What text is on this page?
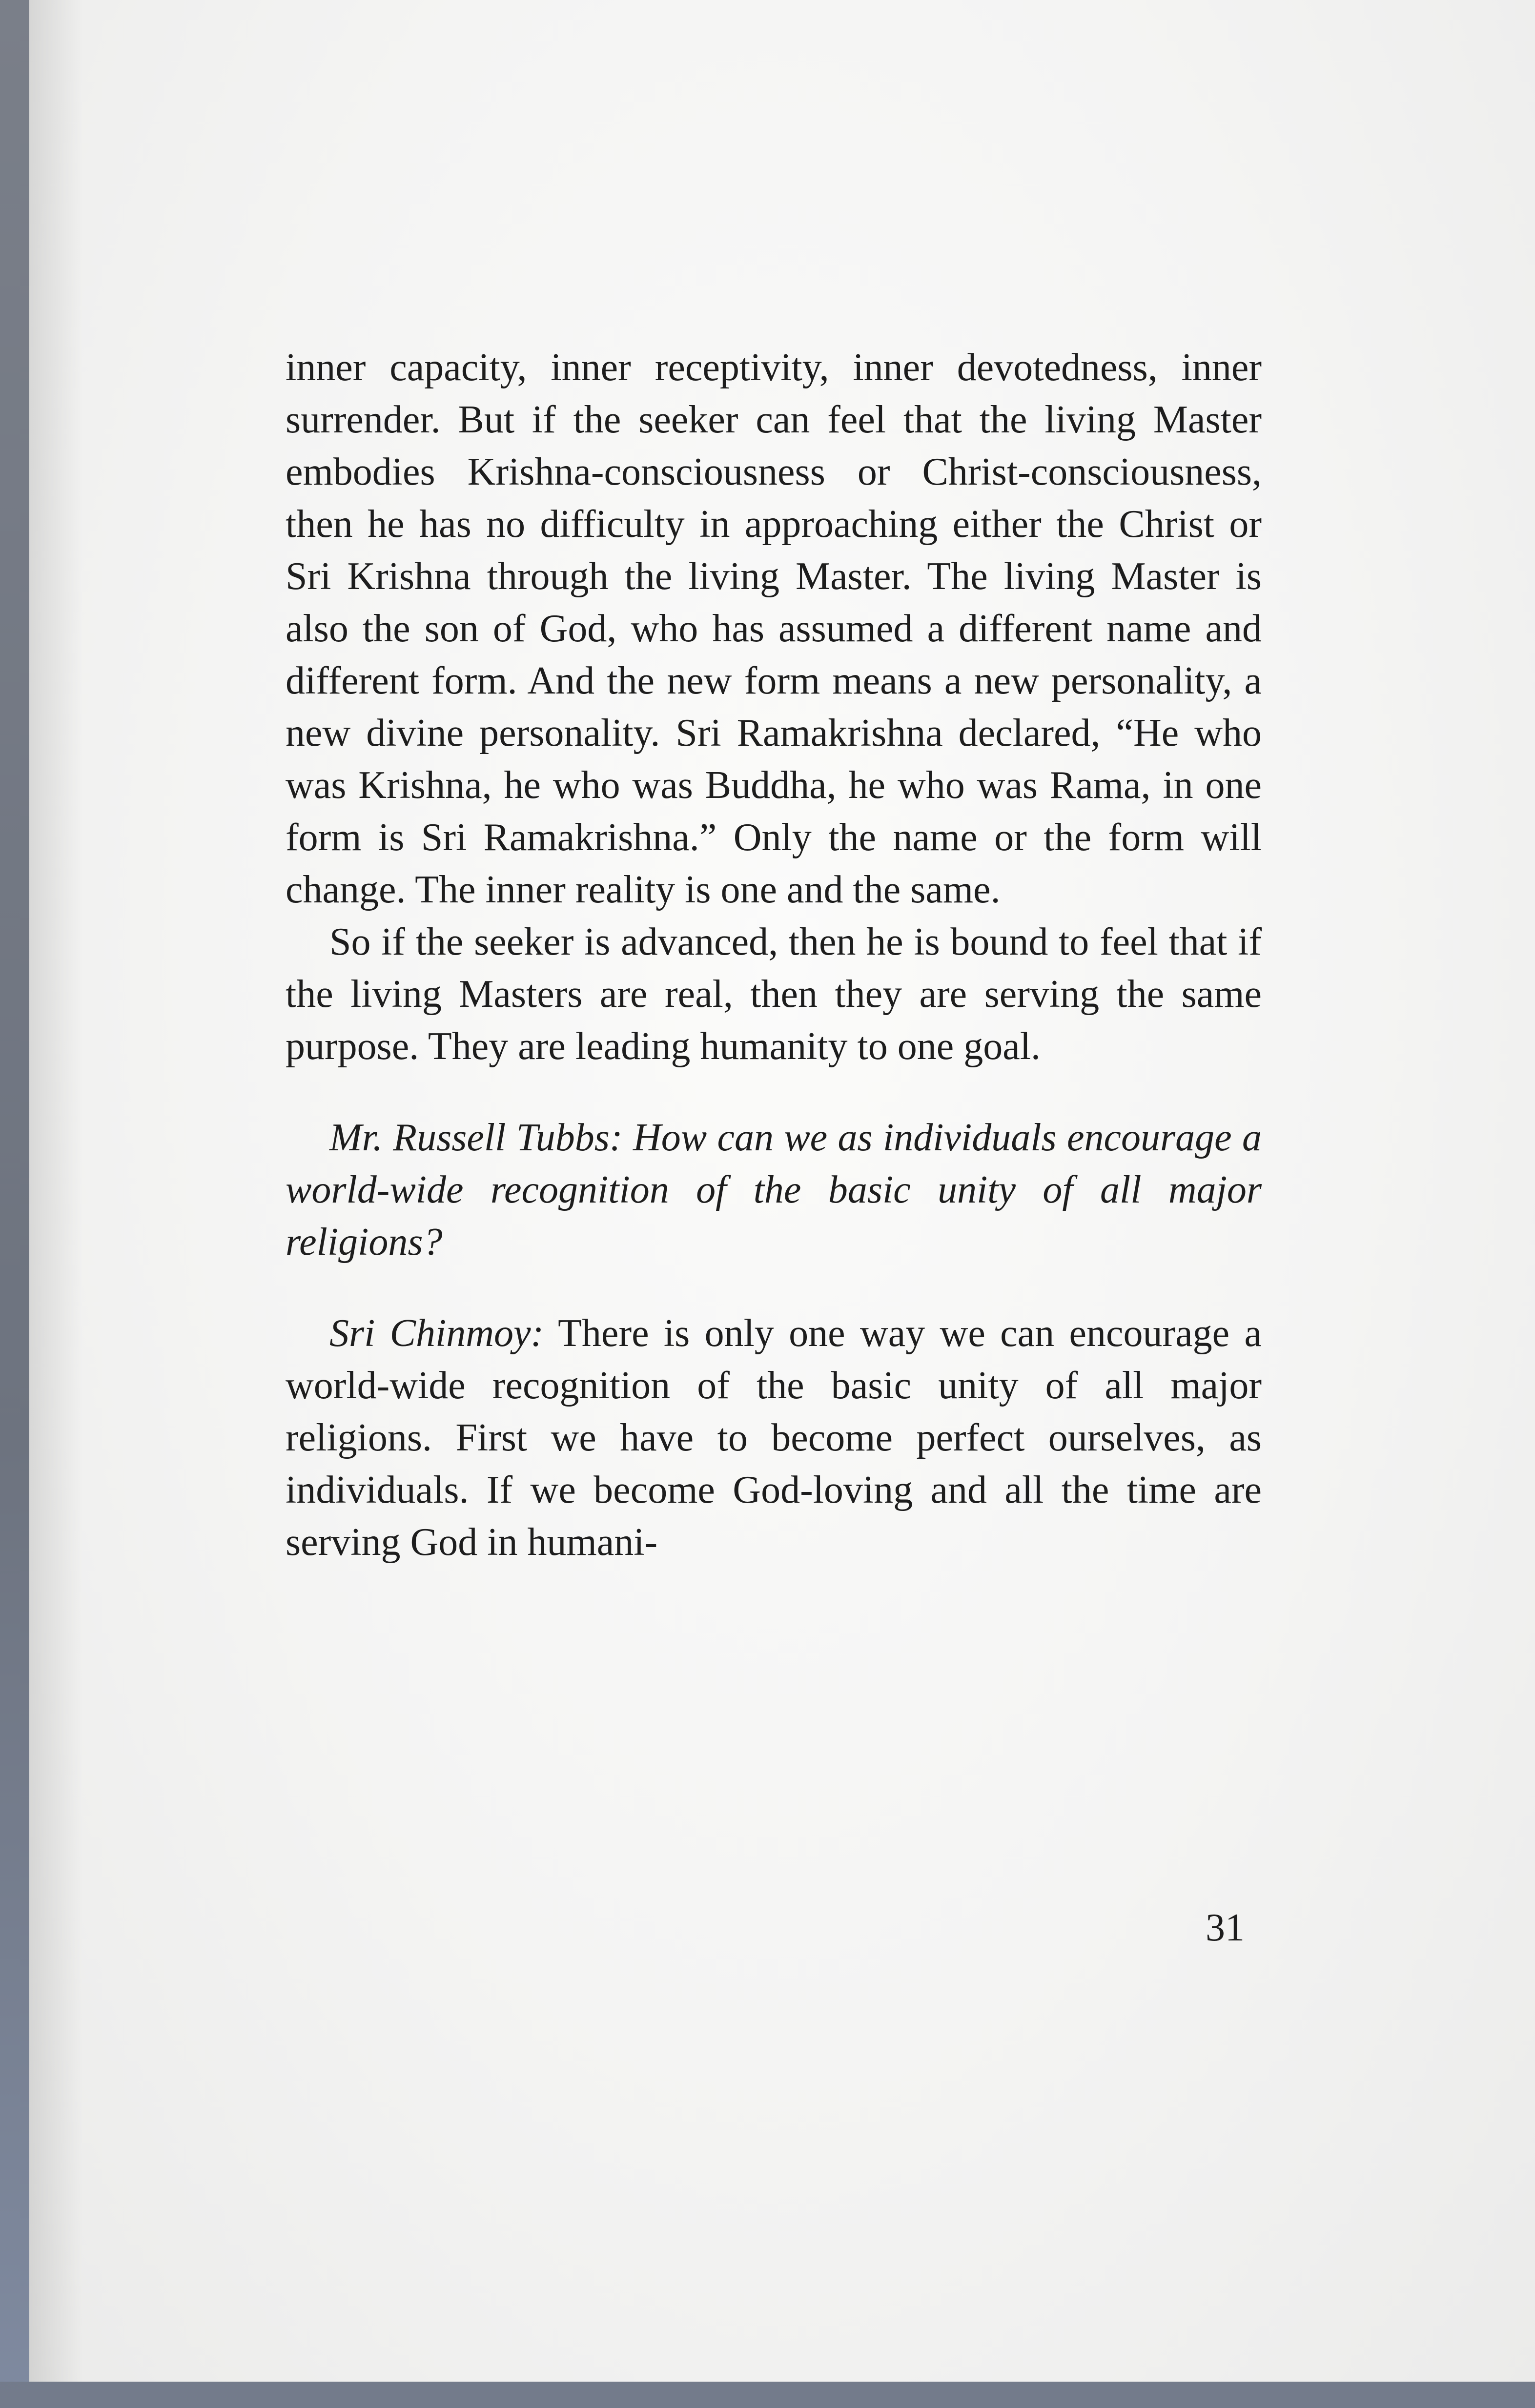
inner capacity, inner receptivity, inner devotedness, inner surrender. But if the seeker can feel that the living Master embodies Krishna-consciousness or Christ-consciousness, then he has no difficulty in approaching either the Christ or Sri Krishna through the living Master. The living Master is also the son of God, who has assumed a different name and different form. And the new form means a new personality, a new divine personality. Sri Ramakrishna declared, “He who was Krishna, he who was Buddha, he who was Rama, in one form is Sri Ramakrishna.” Only the name or the form will change. The inner reality is one and the same.

So if the seeker is advanced, then he is bound to feel that if the living Masters are real, then they are serving the same purpose. They are leading humanity to one goal.

Mr. Russell Tubbs: How can we as individuals encourage a world-wide recognition of the basic unity of all major religions?

Sri Chinmoy: There is only one way we can encourage a world-wide recognition of the basic unity of all major religions. First we have to become perfect ourselves, as individuals. If we become God-loving and all the time are serving God in humani-

31
